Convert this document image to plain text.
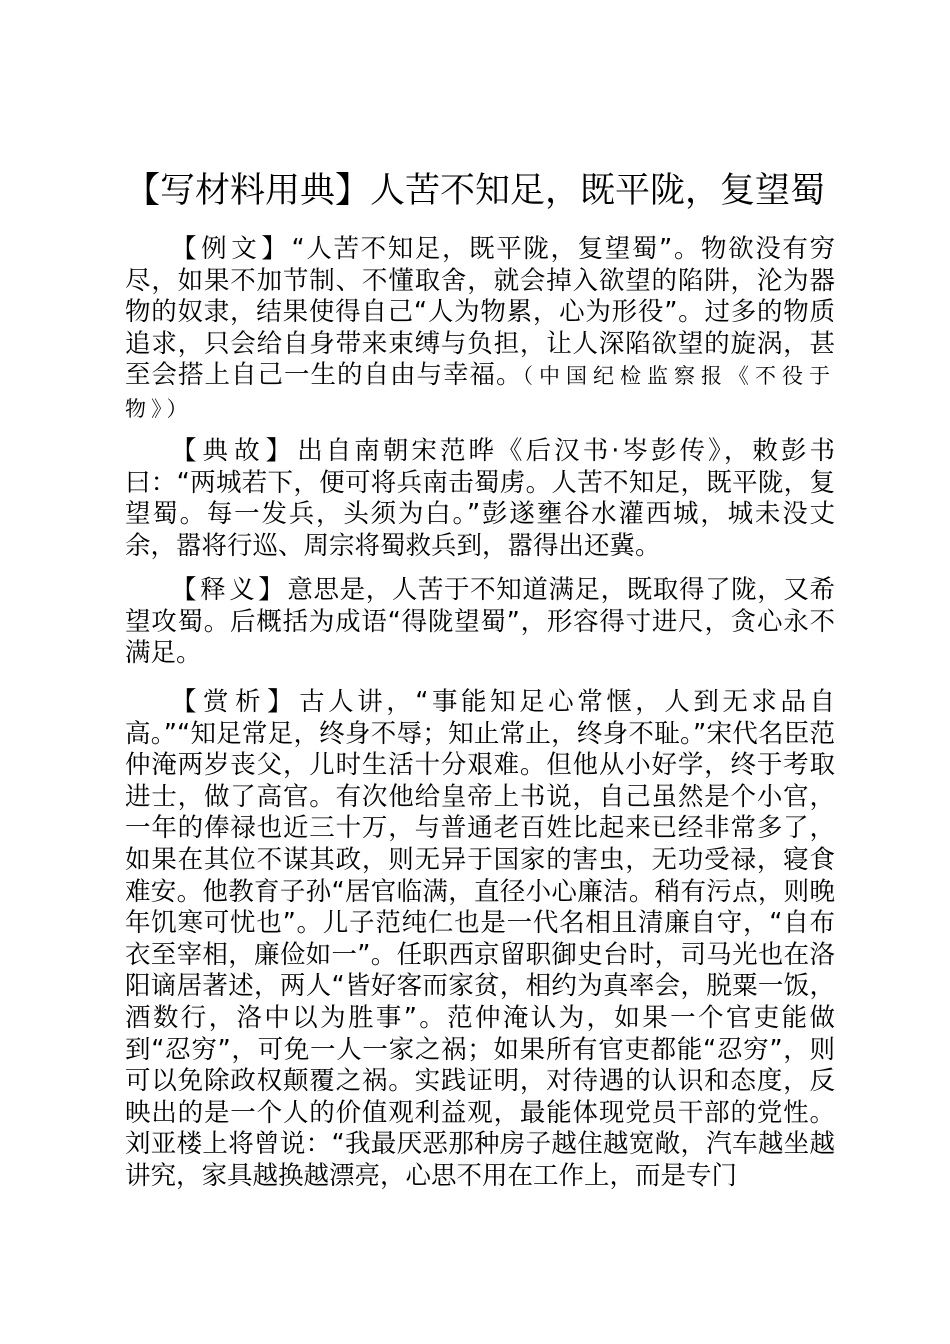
【写材料用典】人苦不知足，既平陇，复望蜀

【例文】“人苦不知足，既平陇，复望蜀”。物欲没有穷尽，如果不加节制、不懂取舍，就会掉入欲望的陷阱，沦为器物的奴隶，结果使得自己“人为物累，心为形役”。过多的物质追求，只会给自身带来束缚与负担，让人深陷欲望的旋涡，甚至会搭上自己一生的自由与幸福。（中国纪检监察报《不役于物》）

【典故】出自南朝宋范晔《后汉书·岑彭传》，敕彭书曰：“两城若下，便可将兵南击蜀虏。人苦不知足，既平陇，复望蜀。每一发兵，头须为白。”彭遂壅谷水灌西城，城未没丈余，嚣将行巡、周宗将蜀救兵到，嚣得出还冀。

【释义】意思是，人苦于不知道满足，既取得了陇，又希望攻蜀。后概括为成语“得陇望蜀”，形容得寸进尺，贪心永不满足。

【赏析】古人讲，“事能知足心常惬，人到无求品自高。”“知足常足，终身不辱；知止常止，终身不耻。”宋代名臣范仲淹两岁丧父，儿时生活十分艰难。但他从小好学，终于考取进士，做了高官。有次他给皇帝上书说，自己虽然是个小官，一年的俸禄也近三十万，与普通老百姓比起来已经非常多了，如果在其位不谋其政，则无异于国家的害虫，无功受禄，寝食难安。他教育子孙“居官临满，直径小心廉洁。稍有污点，则晚年饥寒可忧也”。儿子范纯仁也是一代名相且清廉自守，“自布衣至宰相，廉俭如一”。任职西京留职御史台时，司马光也在洛阳谪居著述，两人“皆好客而家贫，相约为真率会，脱粟一饭，酒数行，洛中以为胜事”。范仲淹认为，如果一个官吏能做到“忍穷”，可免一人一家之祸；如果所有官吏都能“忍穷”，则可以免除政权颠覆之祸。实践证明，对待遇的认识和态度，反映出的是一个人的价值观利益观，最能体现党员干部的党性。刘亚楼上将曾说：“我最厌恶那种房子越住越宽敞，汽车越坐越讲究，家具越换越漂亮，心思不用在工作上，而是专门
